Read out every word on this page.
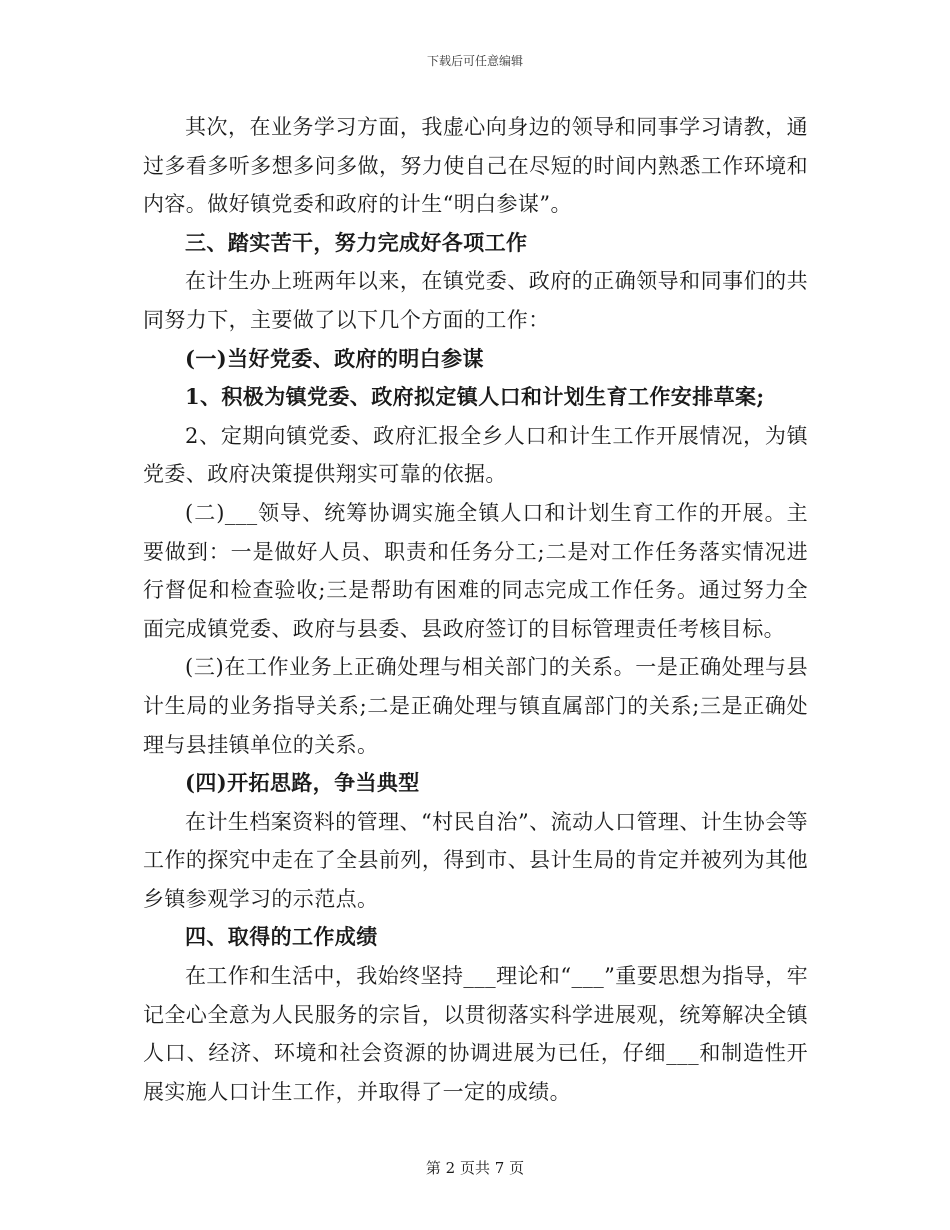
下载后可任意编辑

其次，在业务学习方面，我虚心向身边的领导和同事学习请教，通过多看多听多想多问多做，努力使自己在尽短的时间内熟悉工作环境和内容。做好镇党委和政府的计生“明白参谋”。

三、踏实苦干，努力完成好各项工作

在计生办上班两年以来，在镇党委、政府的正确领导和同事们的共同努力下，主要做了以下几个方面的工作：

(一)当好党委、政府的明白参谋

1、积极为镇党委、政府拟定镇人口和计划生育工作安排草案;

2、定期向镇党委、政府汇报全乡人口和计生工作开展情况，为镇党委、政府决策提供翔实可靠的依据。

(二)___领导、统筹协调实施全镇人口和计划生育工作的开展。主要做到：一是做好人员、职责和任务分工;二是对工作任务落实情况进行督促和检查验收;三是帮助有困难的同志完成工作任务。通过努力全面完成镇党委、政府与县委、县政府签订的目标管理责任考核目标。

(三)在工作业务上正确处理与相关部门的关系。一是正确处理与县计生局的业务指导关系;二是正确处理与镇直属部门的关系;三是正确处理与县挂镇单位的关系。

(四)开拓思路，争当典型

在计生档案资料的管理、“村民自治”、流动人口管理、计生协会等工作的探究中走在了全县前列，得到市、县计生局的肯定并被列为其他乡镇参观学习的示范点。

四、取得的工作成绩

在工作和生活中，我始终坚持___理论和“___”重要思想为指导，牢记全心全意为人民服务的宗旨，以贯彻落实科学进展观，统筹解决全镇人口、经济、环境和社会资源的协调进展为已任，仔细___和制造性开展实施人口计生工作，并取得了一定的成绩。

第 2 页共 7 页
